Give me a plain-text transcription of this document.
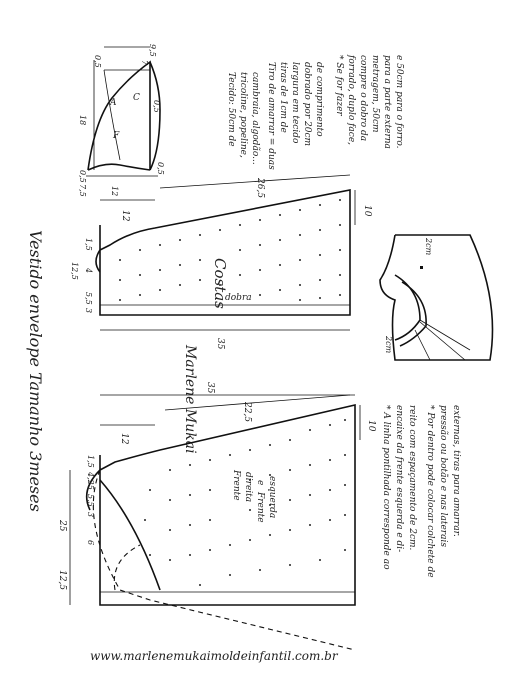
A C
F
9,5
18
0,5
0,5
7,5	12
7
0,5
0,5
Tecido: 50cm de tricoline, popeline, cambraia, algodão... Tiro de amarrar = duas tiras de 1cm de largura em tecido dobrado por 20cm de comprimento * Se for fazer forrado, duplo face, compre o dobro da metragem, 50cm para a parte externa e 50cm para o forro.
Costas
dobra
12
26,5
10
35
12,5
1,5
4
5,5
3
Vestido envelope Tamanho 3meses	Marlene Mukai 35
12
22,5
10
25
12,5
6
1,5
4,25
5,5
3
Frente direita e
Frente esquerda
2cm
2cm
* A linha pontilhada corresponde ao encaixe da frente esquerda e di- reito com espaçamento de 2cm. * Por dentro pode colocar colchete de pressão ou botão e nas laterais externas, tiras para amarrar.
www.marlenemukaimoldeinfantil.com.br
